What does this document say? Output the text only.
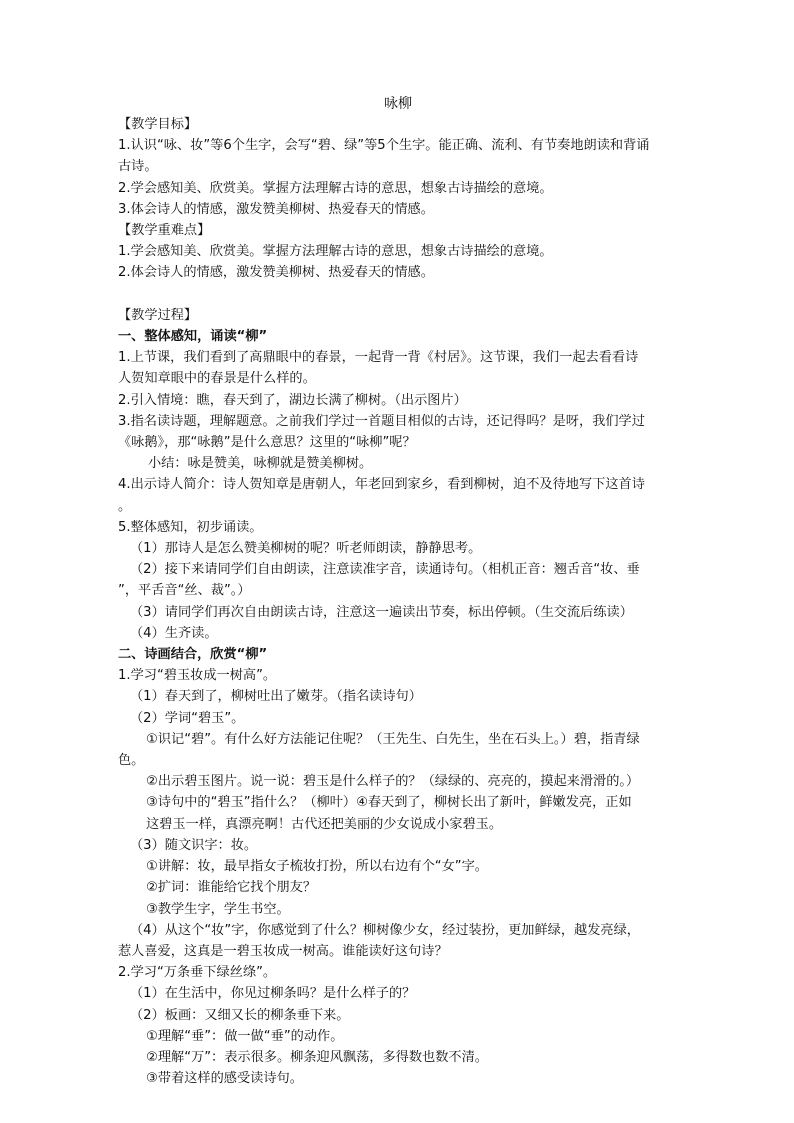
咏柳
【教学目标】
1.认识“咏、妆”等6个生字，会写“碧、绿”等5个生字。能正确、流利、有节奏地朗读和背诵
古诗。
2.学会感知美、欣赏美。掌握方法理解古诗的意思，想象古诗描绘的意境。
3.体会诗人的情感，激发赞美柳树、热爱春天的情感。
【教学重难点】
1.学会感知美、欣赏美。掌握方法理解古诗的意思，想象古诗描绘的意境。
2.体会诗人的情感，激发赞美柳树、热爱春天的情感。
【教学过程】
一、整体感知，诵读“柳”
1.上节课，我们看到了高鼎眼中的春景，一起背一背《村居》。这节课，我们一起去看看诗
人贺知章眼中的春景是什么样的。
2.引入情境：瞧，春天到了，湖边长满了柳树。（出示图片）
3.指名读诗题，理解题意。之前我们学过一首题目相似的古诗，还记得吗？是呀，我们学过
《咏鹅》，那“咏鹅”是什么意思？这里的“咏柳”呢？
小结：咏是赞美，咏柳就是赞美柳树。
4.出示诗人简介：诗人贺知章是唐朝人，年老回到家乡，看到柳树，迫不及待地写下这首诗
。
5.整体感知，初步诵读。
（1）那诗人是怎么赞美柳树的呢？听老师朗读，静静思考。
（2）接下来请同学们自由朗读，注意读准字音，读通诗句。（相机正音：翘舌音“妆、垂
”，平舌音“丝、裁”。）
（3）请同学们再次自由朗读古诗，注意这一遍读出节奏，标出停顿。（生交流后练读）
（4）生齐读。
二、诗画结合，欣赏“柳”
1.学习“碧玉妆成一树高”。
（1）春天到了，柳树吐出了嫩芽。（指名读诗句）
（2）学词“碧玉”。
①识记“碧”。有什么好方法能记住呢？（王先生、白先生，坐在石头上。）碧，指青绿
色。
②出示碧玉图片。说一说：碧玉是什么样子的？（绿绿的、亮亮的，摸起来滑滑的。）
③诗句中的“碧玉”指什么？（柳叶）④春天到了，柳树长出了新叶，鲜嫩发亮，正如
这碧玉一样，真漂亮啊！古代还把美丽的少女说成小家碧玉。
（3）随文识字：妆。
①讲解：妆，最早指女子梳妆打扮，所以右边有个“女”字。
②扩词：谁能给它找个朋友？
③教学生字，学生书空。
（4）从这个“妆”字，你感觉到了什么？柳树像少女，经过装扮，更加鲜绿，越发亮绿，
惹人喜爱，这真是一碧玉妆成一树高。谁能读好这句诗？
2.学习“万条垂下绿丝绦”。
（1）在生活中，你见过柳条吗？是什么样子的？
（2）板画：又细又长的柳条垂下来。
①理解“垂”：做一做“垂”的动作。
②理解“万”：表示很多。柳条迎风飘荡，多得数也数不清。
③带着这样的感受读诗句。
